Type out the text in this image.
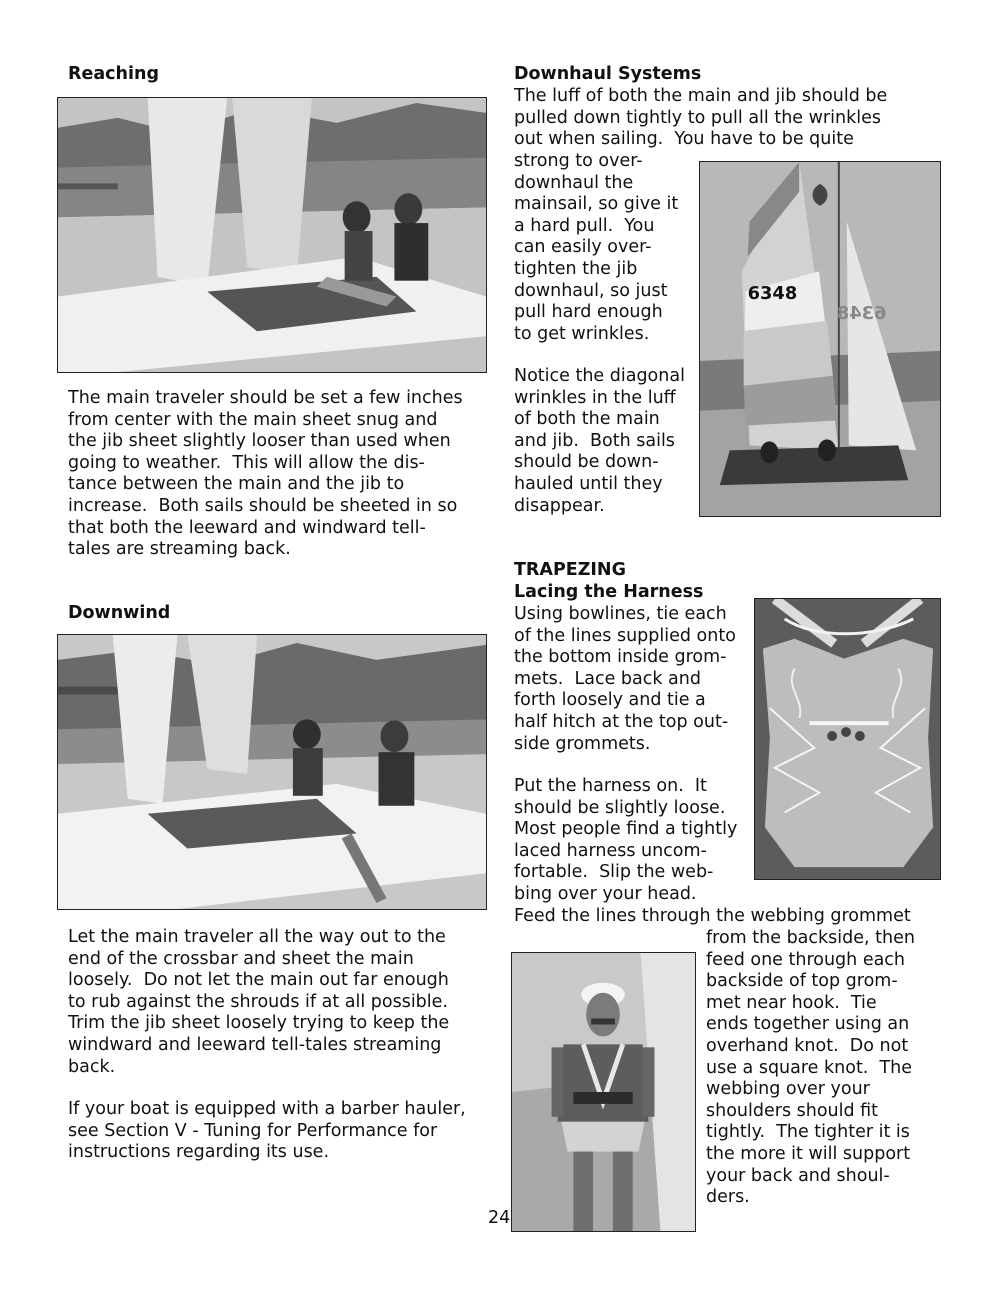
Reaching
The main traveler should be set a few inches
from center with the main sheet snug and
the jib sheet slightly looser than used when
going to weather.  This will allow the dis-
tance between the main and the jib to
increase.  Both sails should be sheeted in so
that both the leeward and windward tell-
tales are streaming back.
Downwind
Let the main traveler all the way out to the
end of the crossbar and sheet the main
loosely.  Do not let the main out far enough
to rub against the shrouds if at all possible.
Trim the jib sheet loosely trying to keep the
windward and leeward tell-tales streaming
back.
If your boat is equipped with a barber hauler,
see Section V - Tuning for Performance for
instructions regarding its use.
Downhaul Systems
The luff of both the main and jib should be
pulled down tightly to pull all the wrinkles
out when sailing.  You have to be quite
strong to over-
downhaul the
mainsail, so give it
a hard pull.  You
can easily over-
tighten the jib
downhaul, so just
pull hard enough
to get wrinkles.
Notice the diagonal
wrinkles in the luff
of both the main
and jib.  Both sails
should be down-
hauled until they
disappear.
6348
6348
TRAPEZING
Lacing the Harness
Using bowlines, tie each
of the lines supplied onto
the bottom inside grom-
mets.  Lace back and
forth loosely and tie a
half hitch at the top out-
side grommets.
Put the harness on.  It
should be slightly loose.
Most people find a tightly
laced harness uncom-
fortable.  Slip the web-
bing over your head.
Feed the lines through the webbing grommet
from the backside, then
feed one through each
backside of top grom-
met near hook.  Tie
ends together using an
overhand knot.  Do not
use a square knot.  The
webbing over your
shoulders should fit
tightly.  The tighter it is
the more it will support
your back and shoul-
ders.
24
